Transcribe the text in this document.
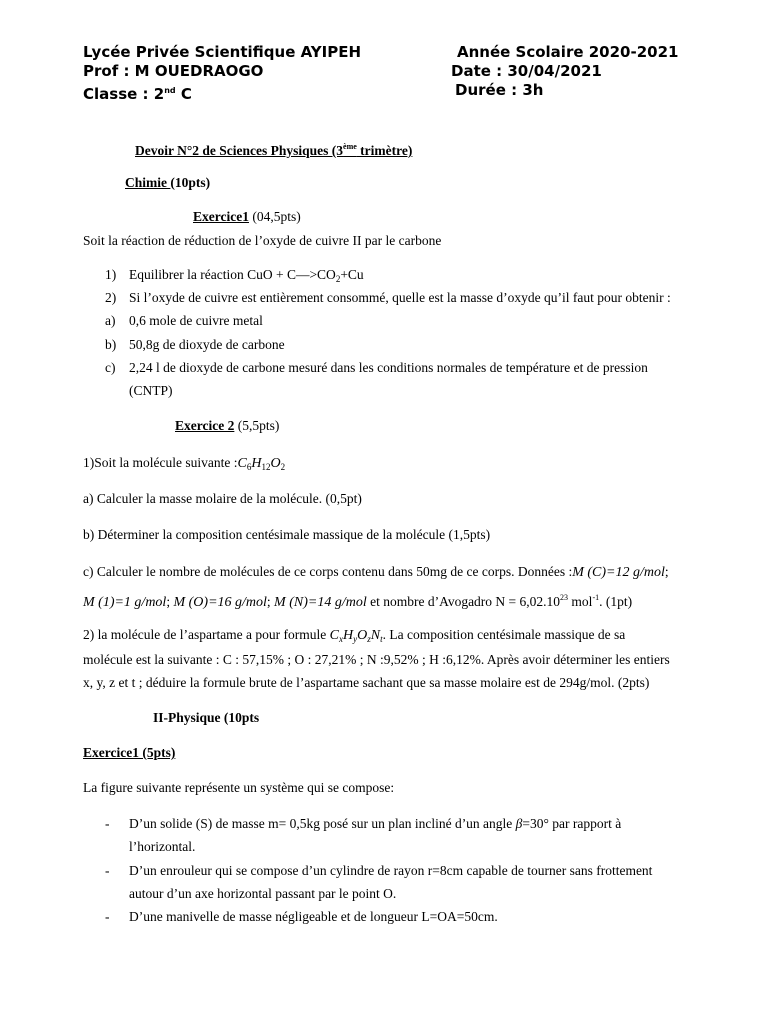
Lycée Privée Scientifique AYIPEH
Prof : M OUEDRAOGO
Classe : 2nd C
Année Scolaire 2020-2021
Date : 30/04/2021
Durée : 3h
Devoir N°2 de Sciences Physiques (3ème trimètre)
Chimie (10pts)
Exercice1 (04,5pts)
Soit la réaction de réduction de l’oxyde de cuivre II par le carbone
1) Equilibrer la réaction CuO + $C—>CO_2+Cu$
2) Si l’oxyde de cuivre est entièrement consommé, quelle est la masse d’oxyde qu’il faut pour obtenir :
a) 0,6 mole de cuivre metal
b) 50,8g de dioxyde de carbone
c) 2,24 l de dioxyde de carbone mesuré dans les conditions normales de température et de pression
(CNTP)
Exercice 2 (5,5pts)
1)Soit la molécule suivante $:C_6H_{12}O_2$
a) Calculer la masse molaire de la molécule. (0,5pt)
b) Déterminer la composition centésimale massique de la molécule (1,5pts)
c) Calculer le nombre de molécules de ce corps contenu dans 50mg de ce corps. Données :M (C)=12 g/mol;
M (1)=1 g/mol; M (O)=16 g/mol; M (N)=14 g/mol et nombre d’Avogadro $N = 6,02.10^{23}$ mol$^{-1}$. (1pt)
2) la molécule de l’aspartame a pour formule $C_xH_yO_zN_t$. La composition centésimale massique de sa
molécule est la suivante : C : 57,15% ; O : 27,21% ; N :9,52% ; H :6,12%. Après avoir déterminer les entiers
x, y, z et t ; déduire la formule brute de l’aspartame sachant que sa masse molaire est de 294g/mol. (2pts)
II-Physique (10pts
Exercice1 (5pts)
La figure suivante représente un système qui se compose:
- D’un solide (S) de masse m= 0,5kg posé sur un plan incliné d’un angle β=30° par rapport à
l’horizontal.
- D’un enrouleur qui se compose d’un cylindre de rayon r=8cm capable de tourner sans frottement
autour d’un axe horizontal passant par le point O.
- D’une manivelle de masse négligeable et de longueur L=OA=50cm.
